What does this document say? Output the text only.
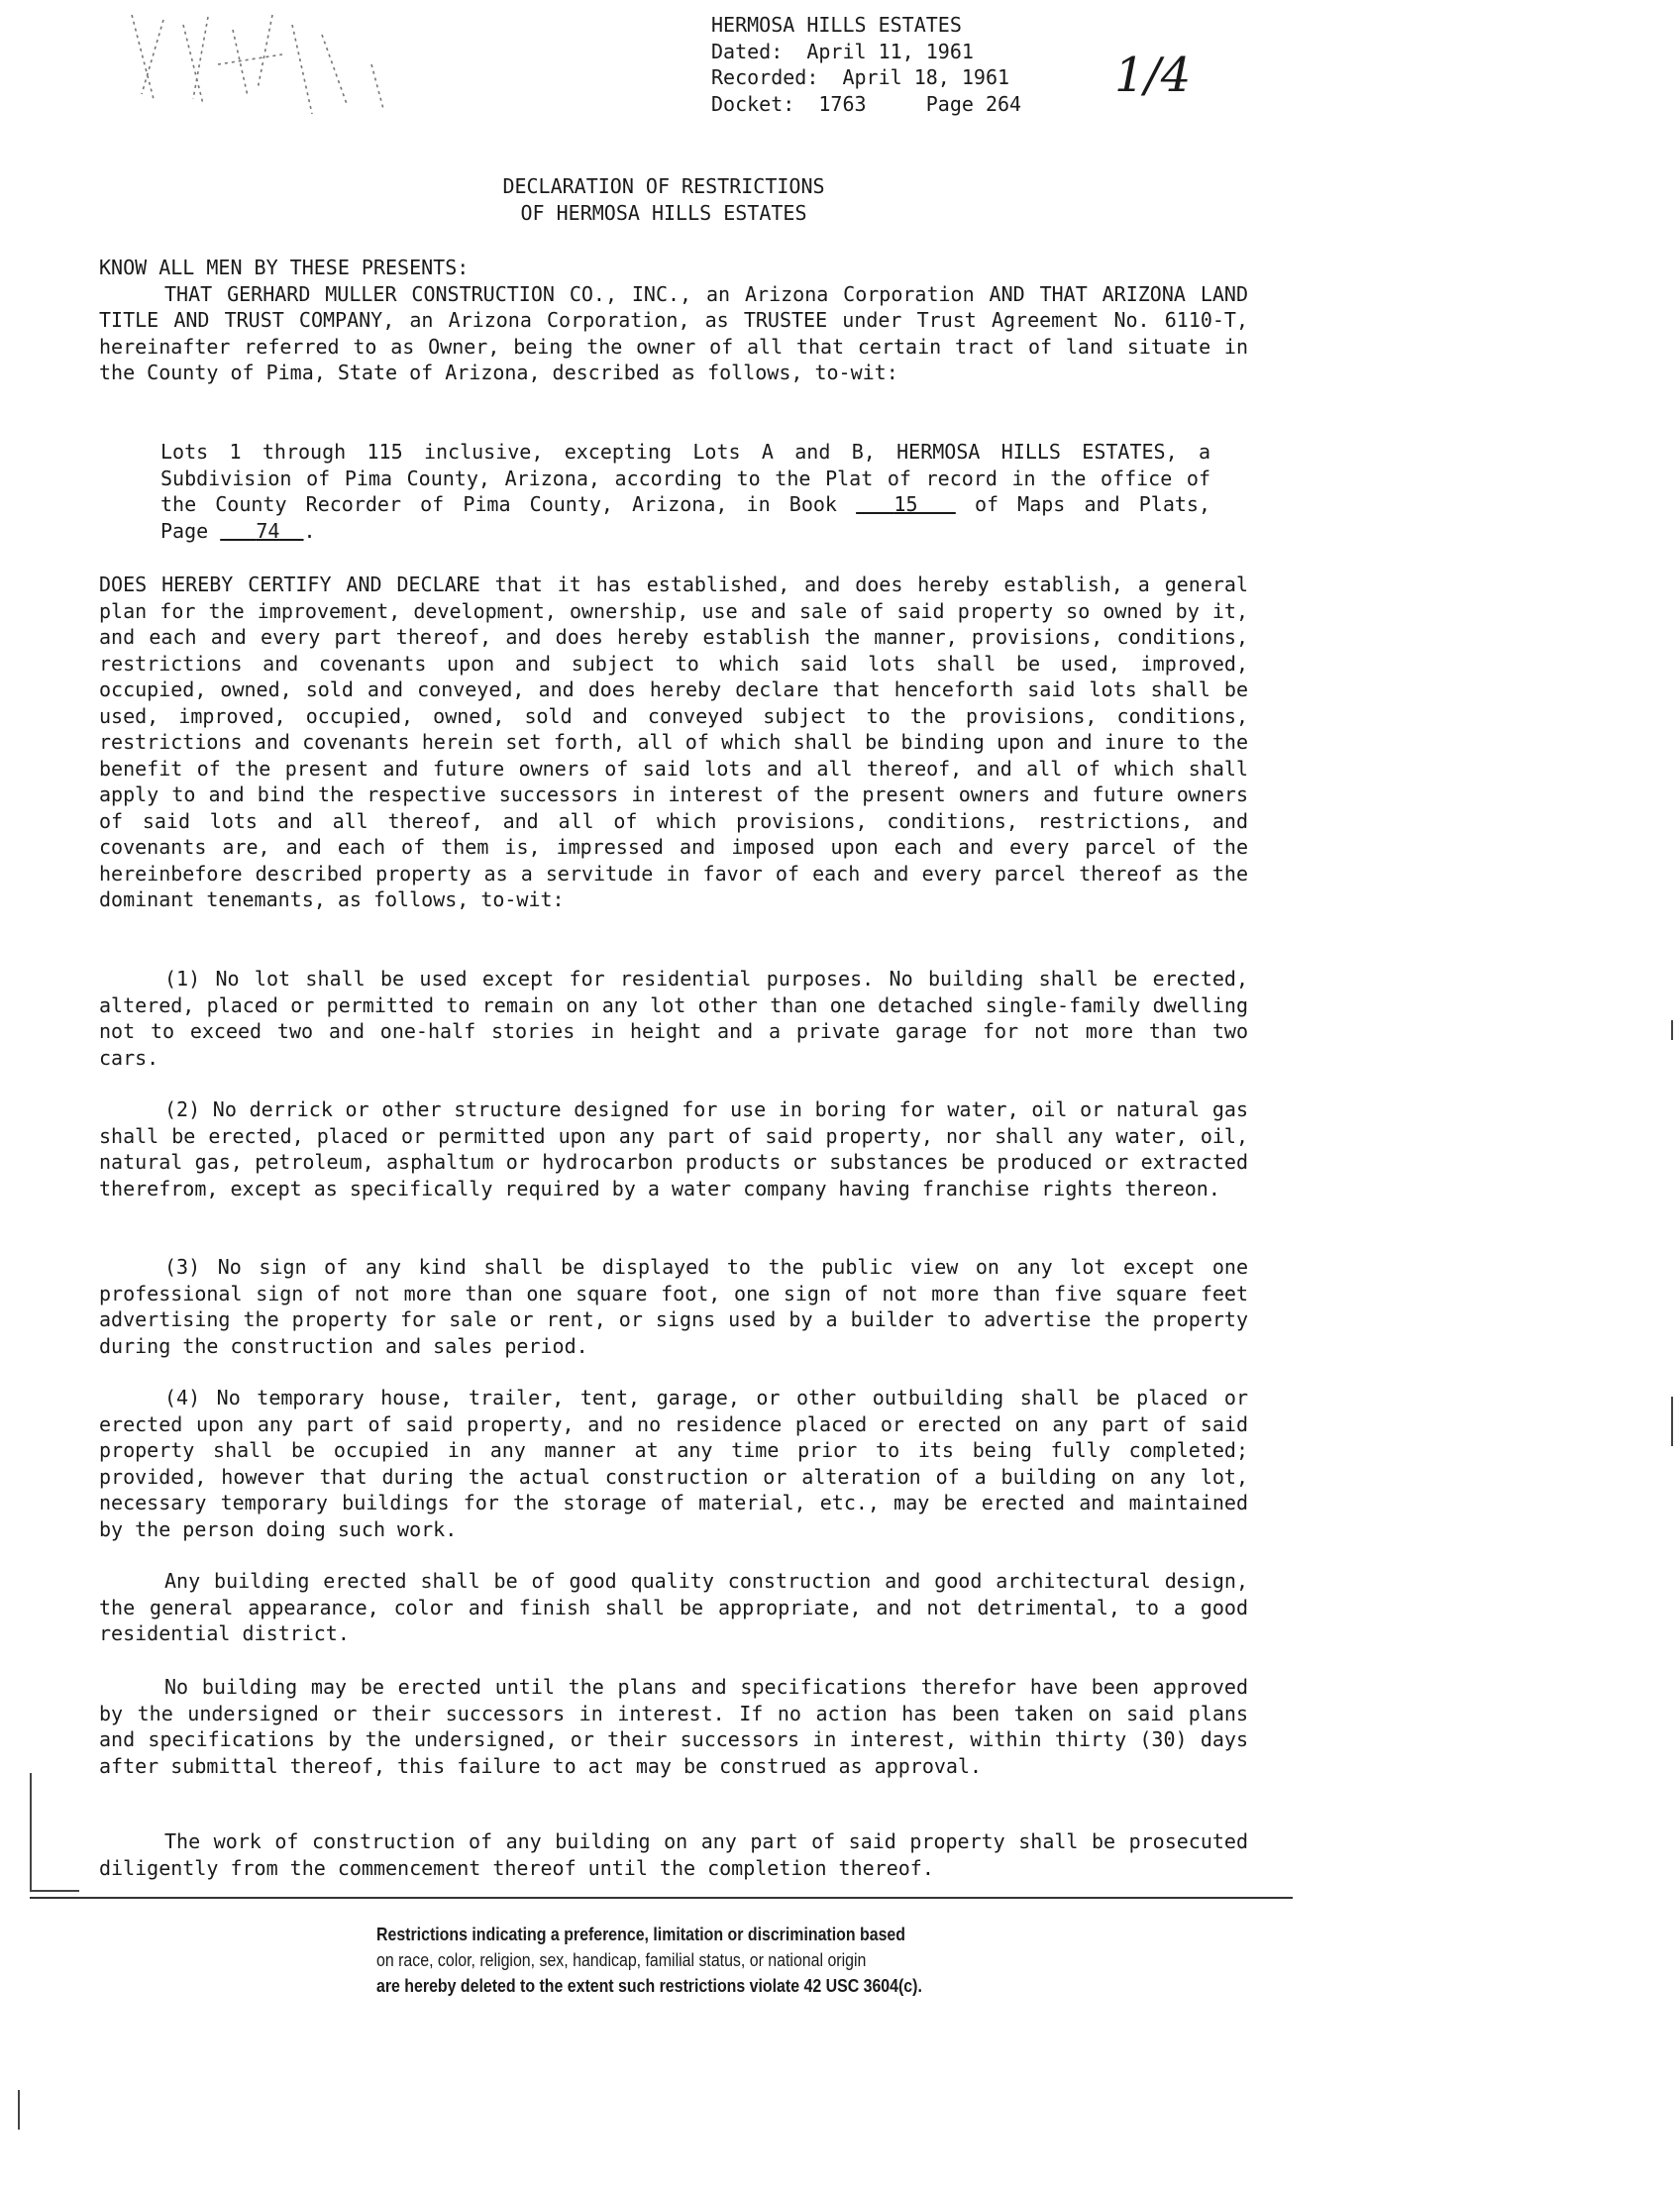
HERMOSA HILLS ESTATES
Dated:  April 11, 1961
Recorded:  April 18, 1961
Docket:  1763     Page 264
1/4
DECLARATION OF RESTRICTIONS
OF HERMOSA HILLS ESTATES
KNOW ALL MEN BY THESE PRESENTS:
THAT GERHARD MULLER CONSTRUCTION CO., INC., an Arizona Corporation AND THAT ARIZONA LAND TITLE AND TRUST COMPANY, an Arizona Corporation, as TRUSTEE under Trust Agreement No. 6110-T, hereinafter referred to as Owner, being the owner of all that certain tract of land situate in the County of Pima, State of Arizona, described as follows, to-wit:
Lots 1 through 115 inclusive, excepting Lots A and B, HERMOSA HILLS ESTATES, a Subdivision of Pima County, Arizona, according to the Plat of record in the office of the County Recorder of Pima County, Arizona, in Book	15	of Maps and Plats, Page 74 .

DOES HEREBY CERTIFY AND DECLARE that it has established, and does hereby establish, a general plan for the improvement, development, ownership, use and sale of said property so owned by it, and each and every part thereof, and does hereby establish the manner, provisions, conditions, restrictions and covenants upon and subject to which said lots shall be used, improved, occupied, owned, sold and conveyed, and does hereby declare that henceforth said lots shall be used, improved, occupied, owned, sold and conveyed subject to the provisions, conditions, restrictions and covenants herein set forth, all of which shall be binding upon and inure to the benefit of the present and future owners of said lots and all thereof, and all of which shall apply to and bind the respective successors in interest of the present owners and future owners of said lots and all thereof, and all of which provisions, conditions, restrictions, and covenants are, and each of them is, impressed and imposed upon each and every parcel of the hereinbefore described property as a servitude in favor of each and every parcel thereof as the dominant tenemants, as follows, to-wit:

(1) No lot shall be used except for residential purposes. No building shall be erected, altered, placed or permitted to remain on any lot other than one detached single-family dwelling not to exceed two and one-half stories in height and a private garage for not more than two cars.

(2) No derrick or other structure designed for use in boring for water, oil or natural gas shall be erected, placed or permitted upon any part of said property, nor shall any water, oil, natural gas, petroleum, asphaltum or hydrocarbon products or substances be produced or extracted therefrom, except as specifically required by a water company having franchise rights thereon.

(3) No sign of any kind shall be displayed to the public view on any lot except one professional sign of not more than one square foot, one sign of not more than five square feet advertising the property for sale or rent, or signs used by a builder to advertise the property during the construction and sales period.

(4) No temporary house, trailer, tent, garage, or other outbuilding shall be placed or erected upon any part of said property, and no residence placed or erected on any part of said property shall be occupied in any manner at any time prior to its being fully completed; provided, however that during the actual construction or alteration of a building on any lot, necessary temporary buildings for the storage of material, etc., may be erected and maintained by the person doing such work.

Any building erected shall be of good quality construction and good architectural design, the general appearance, color and finish shall be appropriate, and not detrimental, to a good residential district.

No building may be erected until the plans and specifications therefor have been approved by the undersigned or their successors in interest. If no action has been taken on said plans and specifications by the undersigned, or their successors in interest, within thirty (30) days after submittal thereof, this failure to act may be construed as approval.

The work of construction of any building on any part of said property shall be prosecuted diligently from the commencement thereof until the completion thereof.

Restrictions indicating a preference, limitation or discrimination based
on race, color, religion, sex, handicap, familial status, or national origin
are hereby deleted to the extent such restrictions violate 42 USC 3604(c).
